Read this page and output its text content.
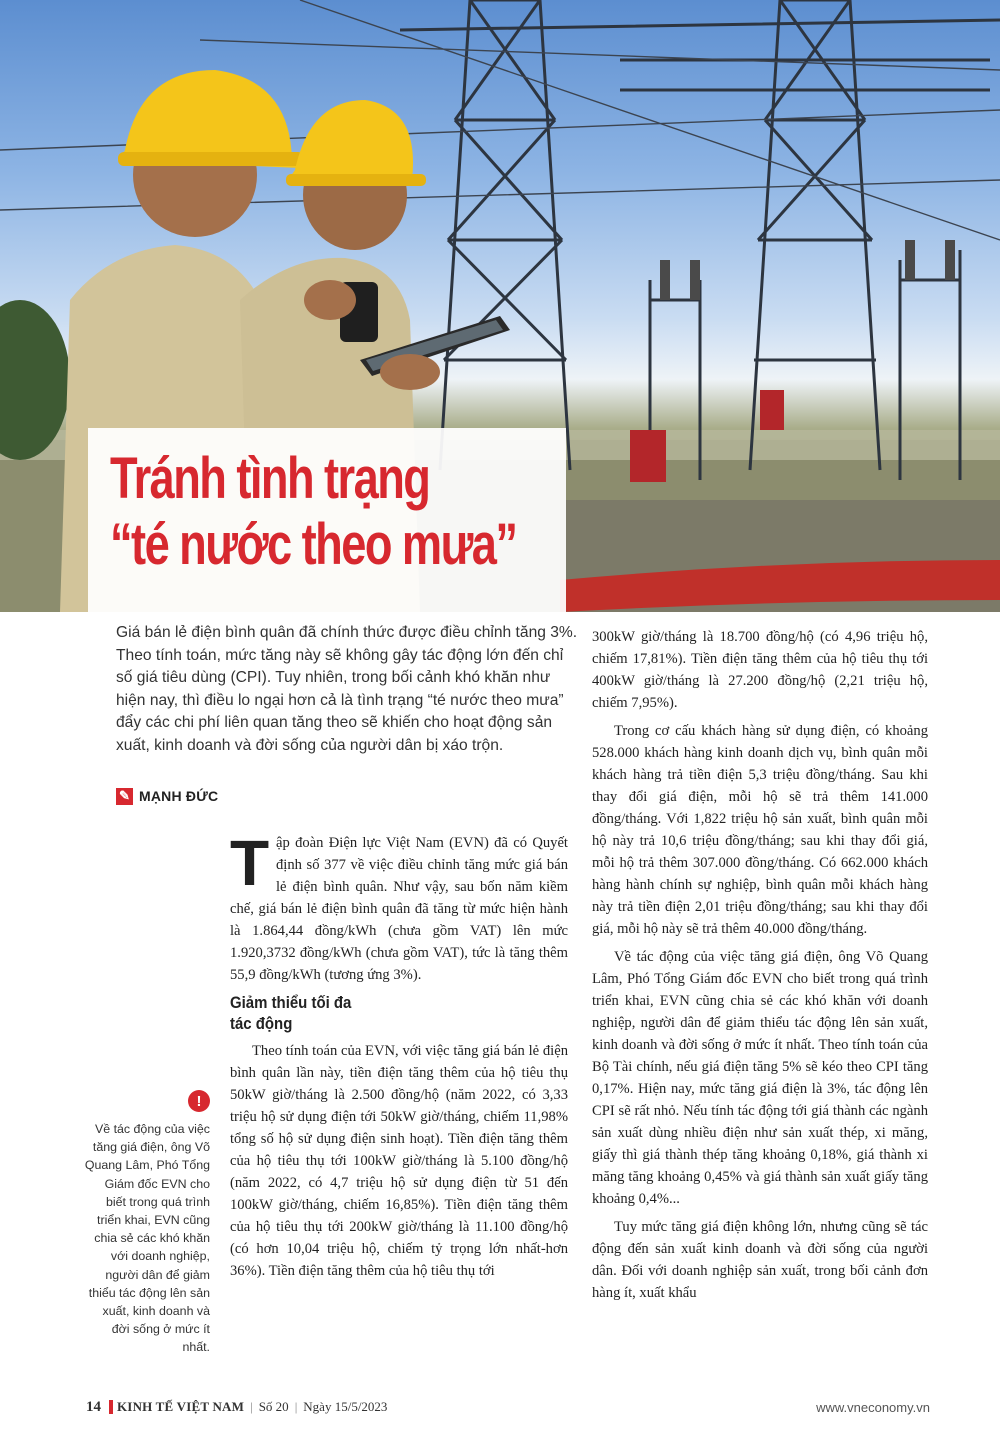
Tránh tình trạng
“té nước theo mưa”

Giá bán lẻ điện bình quân đã chính thức được điều chỉnh tăng 3%. Theo tính toán, mức tăng này sẽ không gây tác động lớn đến chỉ số giá tiêu dùng (CPI). Tuy nhiên, trong bối cảnh khó khăn như hiện nay, thì điều lo ngại hơn cả là tình trạng “té nước theo mưa” đẩy các chi phí liên quan tăng theo sẽ khiến cho hoạt động sản xuất, kinh doanh và đời sống của người dân bị xáo trộn.

✎ MẠNH ĐỨC

Tập đoàn Điện lực Việt Nam (EVN) đã có Quyết định số 377 về việc điều chỉnh tăng mức giá bán lẻ điện bình quân. Như vậy, sau bốn năm kiềm chế, giá bán lẻ điện bình quân đã tăng từ mức hiện hành là 1.864,44 đồng/kWh (chưa gồm VAT) lên mức 1.920,3732 đồng/kWh (chưa gồm VAT), tức là tăng thêm 55,9 đồng/kWh (tương ứng 3%).

Giảm thiểu tối đa
tác động

Theo tính toán của EVN, với việc tăng giá bán lẻ điện bình quân lần này, tiền điện tăng thêm của hộ tiêu thụ 50kW giờ/tháng là 2.500 đồng/hộ (năm 2022, có 3,33 triệu hộ sử dụng điện tới 50kW giờ/tháng, chiếm 11,98% tổng số hộ sử dụng điện sinh hoạt). Tiền điện tăng thêm của hộ tiêu thụ tới 100kW giờ/tháng là 5.100 đồng/hộ (năm 2022, có 4,7 triệu hộ sử dụng điện từ 51 đến 100kW giờ/tháng, chiếm 16,85%). Tiền điện tăng thêm của hộ tiêu thụ tới 200kW giờ/tháng là 11.100 đồng/hộ (có hơn 10,04 triệu hộ, chiếm tỷ trọng lớn nhất-hơn 36%). Tiền điện tăng thêm của hộ tiêu thụ tới

300kW giờ/tháng là 18.700 đồng/hộ (có 4,96 triệu hộ, chiếm 17,81%). Tiền điện tăng thêm của hộ tiêu thụ tới 400kW giờ/tháng là 27.200 đồng/hộ (2,21 triệu hộ, chiếm 7,95%).

Trong cơ cấu khách hàng sử dụng điện, có khoảng 528.000 khách hàng kinh doanh dịch vụ, bình quân mỗi khách hàng trả tiền điện 5,3 triệu đồng/tháng. Sau khi thay đổi giá điện, mỗi hộ sẽ trả thêm 141.000 đồng/tháng. Với 1,822 triệu hộ sản xuất, bình quân mỗi hộ này trả 10,6 triệu đồng/tháng; sau khi thay đổi giá, mỗi hộ trả thêm 307.000 đồng/tháng. Có 662.000 khách hàng hành chính sự nghiệp, bình quân mỗi khách hàng này trả tiền điện 2,01 triệu đồng/tháng; sau khi thay đổi giá, mỗi hộ này sẽ trả thêm 40.000 đồng/tháng.

Về tác động của việc tăng giá điện, ông Võ Quang Lâm, Phó Tổng Giám đốc EVN cho biết trong quá trình triển khai, EVN cũng chia sẻ các khó khăn với doanh nghiệp, người dân để giảm thiểu tác động lên sản xuất, kinh doanh và đời sống ở mức ít nhất. Theo tính toán của Bộ Tài chính, nếu giá điện tăng 5% sẽ kéo theo CPI tăng 0,17%. Hiện nay, mức tăng giá điện là 3%, tác động lên CPI sẽ rất nhỏ. Nếu tính tác động tới giá thành các ngành sản xuất dùng nhiều điện như sản xuất thép, xi măng, giấy thì giá thành thép tăng khoảng 0,18%, giá thành xi măng tăng khoảng 0,45% và giá thành sản xuất giấy tăng khoảng 0,4%...

Tuy mức tăng giá điện không lớn, nhưng cũng sẽ tác động đến sản xuất kinh doanh và đời sống của người dân. Đối với doanh nghiệp sản xuất, trong bối cảnh đơn hàng ít, xuất khẩu

!

Về tác động của việc tăng giá điện, ông Võ Quang Lâm, Phó Tổng Giám đốc EVN cho biết trong quá trình triển khai, EVN cũng chia sẻ các khó khăn với doanh nghiệp, người dân để giảm thiểu tác động lên sản xuất, kinh doanh và đời sống ở mức ít nhất.

14 KINH TẾ VIỆT NAM | Số 20 | Ngày 15/5/2023	www.vneconomy.vn
